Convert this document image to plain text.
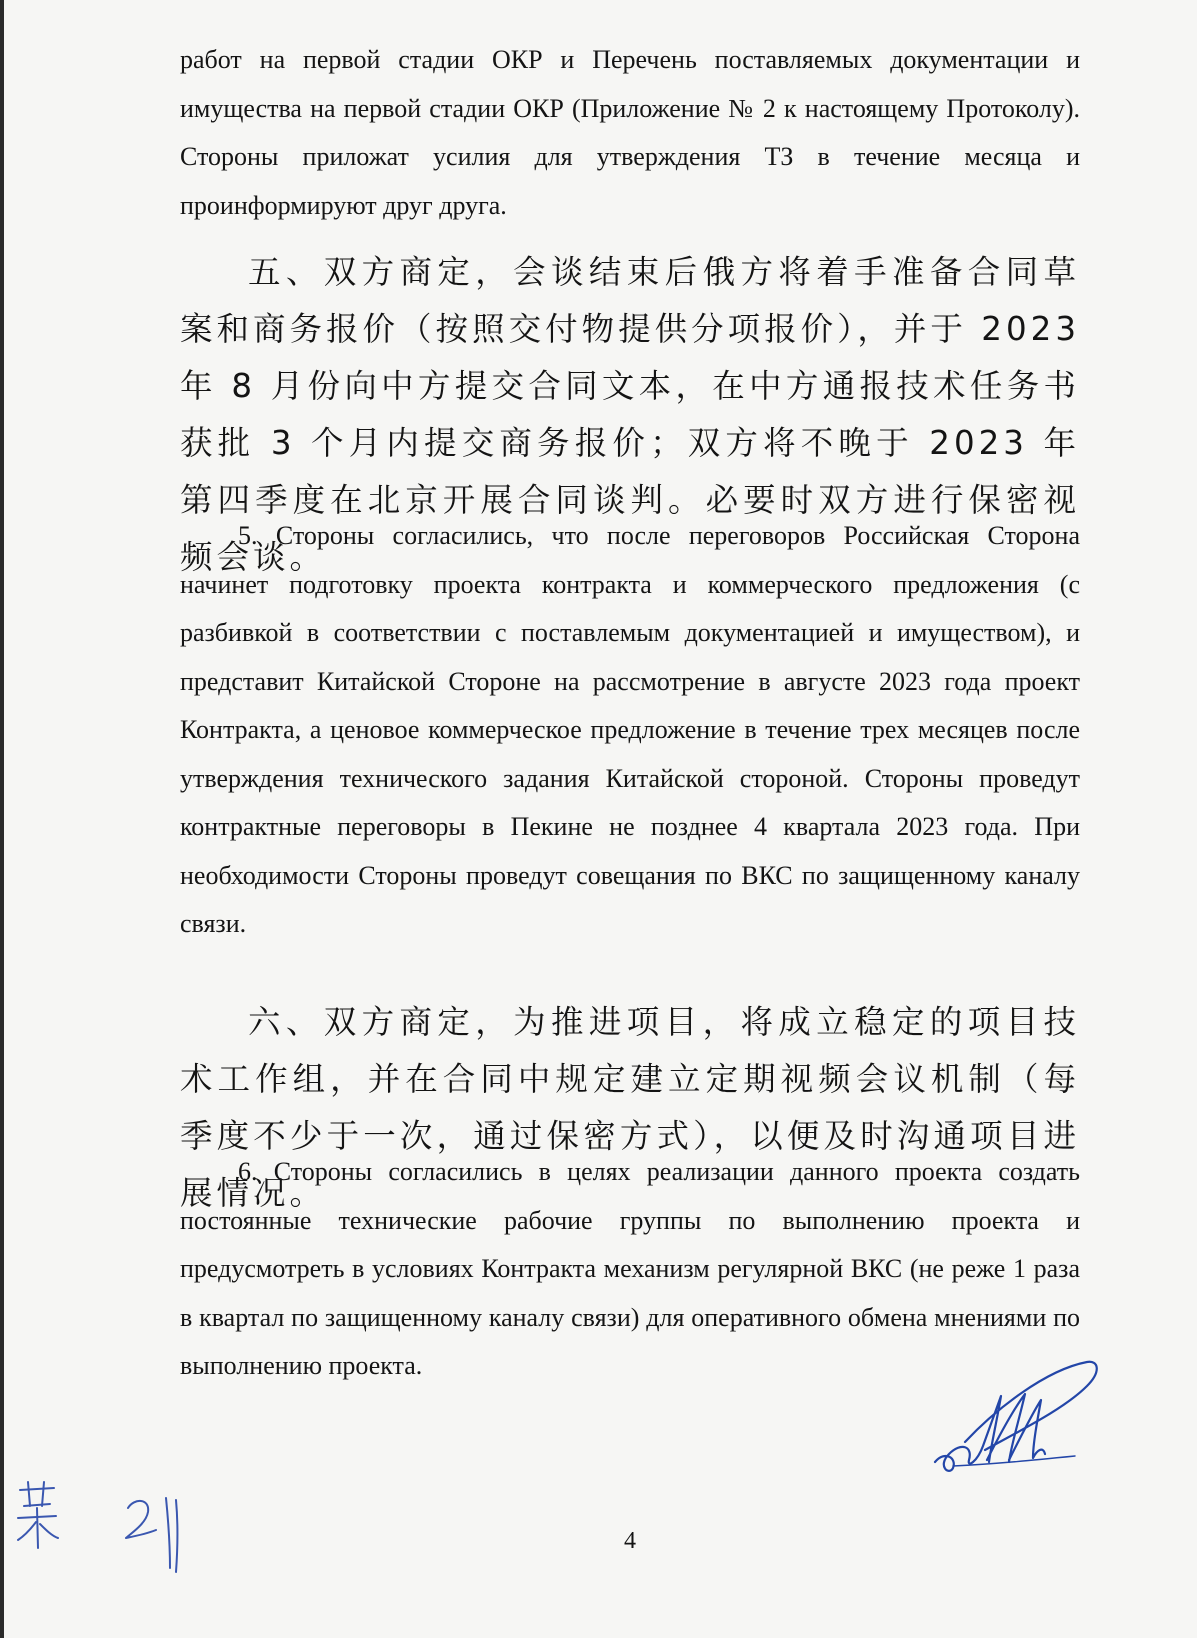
работ на первой стадии ОКР и Перечень поставляемых документации и имущества на первой стадии ОКР (Приложение № 2 к настоящему Протоколу). Стороны приложат усилия для утверждения ТЗ в течение месяца и проинформируют друг друга.

五、双方商定，会谈结束后俄方将着手准备合同草案和商务报价（按照交付物提供分项报价），并于 2023 年 8 月份向中方提交合同文本，在中方通报技术任务书获批 3 个月内提交商务报价；双方将不晚于 2023 年第四季度在北京开展合同谈判。必要时双方进行保密视频会谈。

5. Стороны согласились, что после переговоров Российская Сторона начинет подготовку проекта контракта и коммерческого предложения (с разбивкой в соответствии с поставлемым документацией и имуществом), и представит Китайской Стороне на рассмотрение в августе 2023 года проект Контракта, а ценовое коммерческое предложение в течение трех месяцев после утверждения технического задания Китайской стороной. Стороны проведут контрактные переговоры в Пекине не позднее 4 квартала 2023 года. При необходимости Стороны проведут совещания по ВКС по защищенному каналу связи.

六、双方商定，为推进项目，将成立稳定的项目技术工作组，并在合同中规定建立定期视频会议机制（每季度不少于一次，通过保密方式），以便及时沟通项目进展情况。

6. Стороны согласились в целях реализации данного проекта создать постоянные технические рабочие группы по выполнению проекта и предусмотреть в условиях Контракта механизм регулярной ВКС (не реже 1 раза в квартал по защищенному каналу связи) для оперативного обмена мнениями по выполнению проекта.

4
